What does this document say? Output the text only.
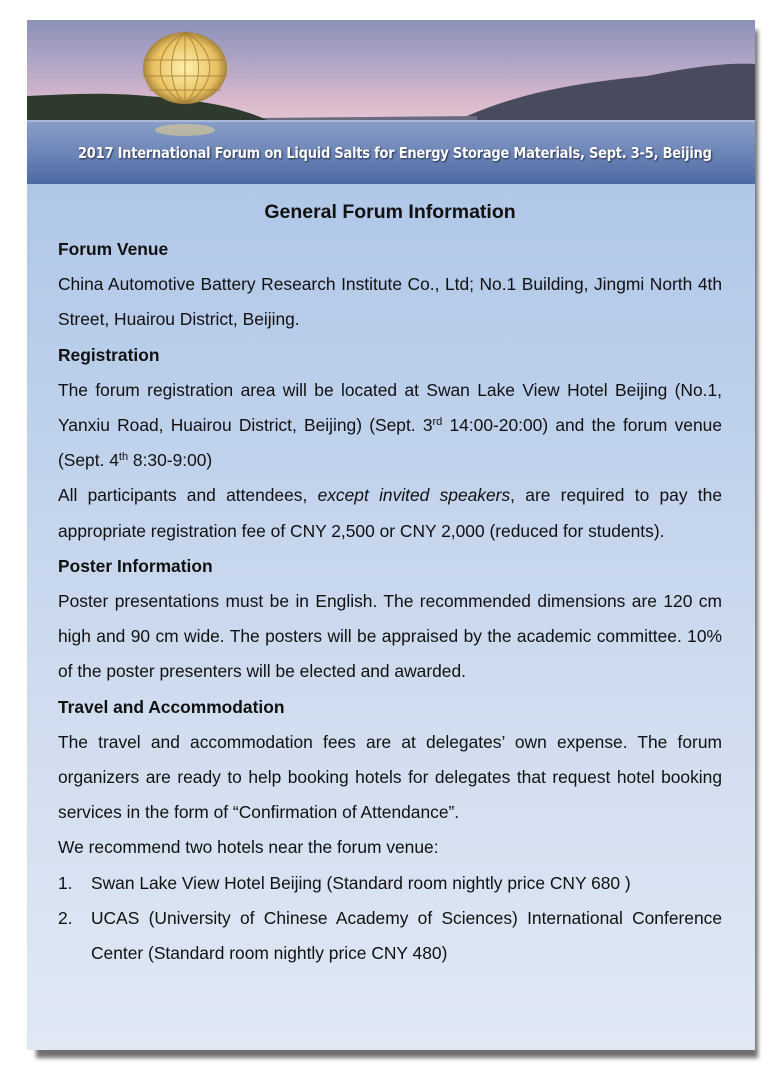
2017 International Forum on Liquid Salts for Energy Storage Materials, Sept. 3-5, Beijing
General Forum Information
Forum Venue
China Automotive Battery Research Institute Co., Ltd; No.1 Building, Jingmi North 4th Street, Huairou District, Beijing.
Registration
The forum registration area will be located at Swan Lake View Hotel Beijing (No.1, Yanxiu Road, Huairou District, Beijing) (Sept. 3rd 14:00-20:00) and the forum venue (Sept. 4th 8:30-9:00)
All participants and attendees, except invited speakers, are required to pay the appropriate registration fee of CNY 2,500 or CNY 2,000 (reduced for students).
Poster Information
Poster presentations must be in English. The recommended dimensions are 120 cm high and 90 cm wide. The posters will be appraised by the academic committee. 10% of the poster presenters will be elected and awarded.
Travel and Accommodation
The travel and accommodation fees are at delegates’ own expense. The forum organizers are ready to help booking hotels for delegates that request hotel booking services in the form of “Confirmation of Attendance”.
We recommend two hotels near the forum venue:
1. Swan Lake View Hotel Beijing (Standard room nightly price CNY 680 )
2. UCAS (University of Chinese Academy of Sciences) International Conference Center (Standard room nightly price CNY 480)
